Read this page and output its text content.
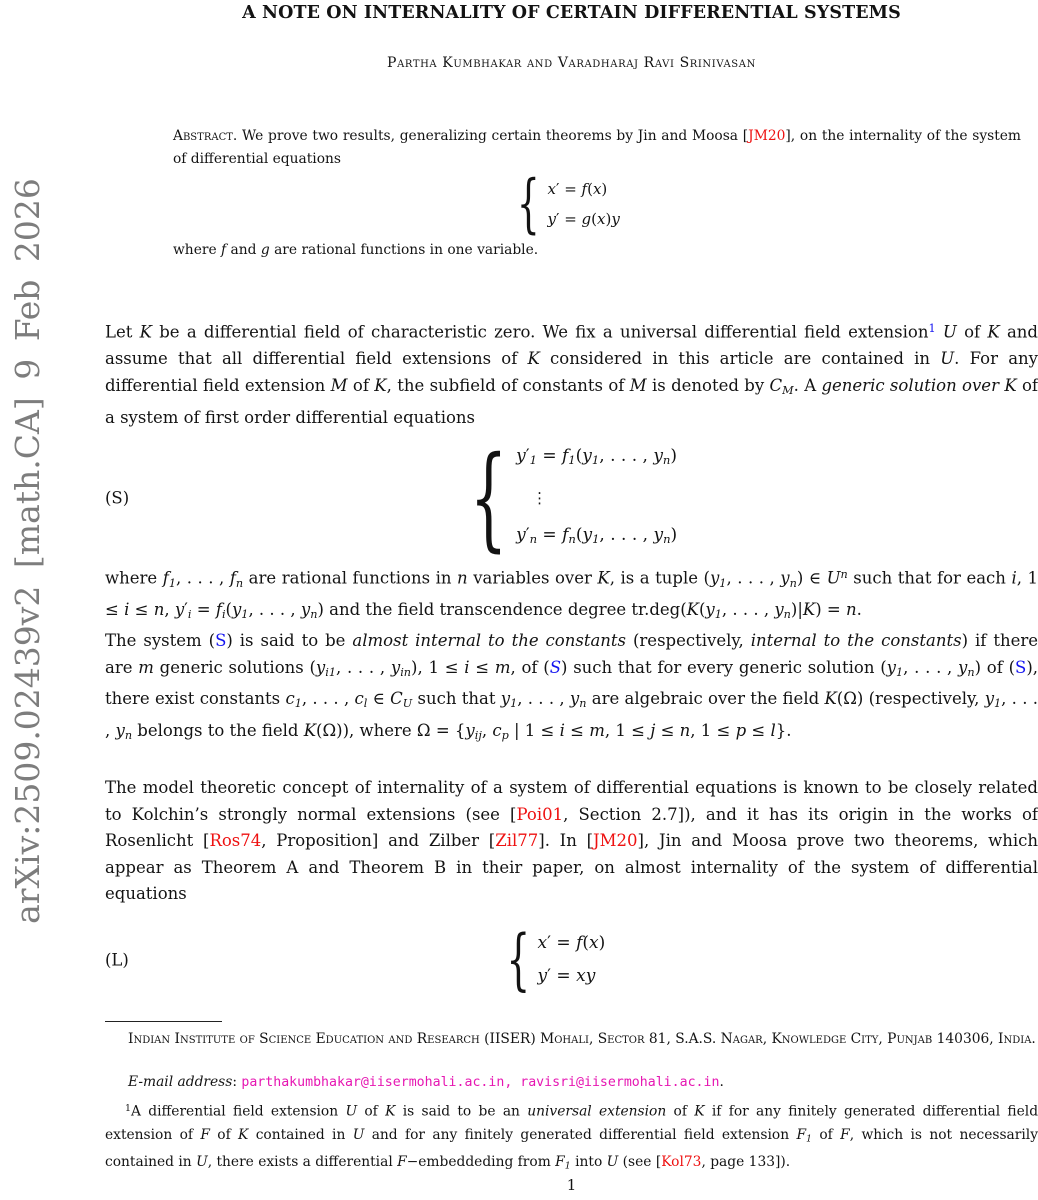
arXiv:2509.02439v2 [math.CA] 9 Feb 2026
A NOTE ON INTERNALITY OF CERTAIN DIFFERENTIAL SYSTEMS
Partha Kumbhakar and Varadharaj Ravi Srinivasan

Abstract. We prove two results, generalizing certain theorems by Jin and Moosa [JM20], on the internality of the system of differential equations

{ x′ = f(x)
y′ = g(x)y

where f and g are rational functions in one variable.

Let K be a differential field of characteristic zero. We fix a universal differential field extension$^1$ U of K and assume that all differential field extensions of K considered in this article are contained in U. For any differential field extension M of K, the subfield of constants of M is denoted by $C_M$. A generic solution over K of a system of first order differential equations

(S)	{ $y'_1 = f_1(y_1$, . . . , $y_n$)
⋮
$y'_n = f_n(y_1$, . . . , $y_n$)

where $f_1$, . . . , $f_n$ are rational functions in n variables over K, is a tuple ($y_1$, . . . , $y_n$) ∈ $U^n$ such that for each i, 1 ≤ i ≤ n, $y'_i = f_i(y_1$, . . . , $y_n$) and the field transcendence degree $tr.deg(K(y_1$, . . . , $y_n)|K) = n$.

The system (S) is said to be almost internal to the constants (respectively, internal to the constants) if there are m generic solutions ($y_{i1}$, . . . , $y_{in}$), 1 ≤ i ≤ m, of (S) such that for every generic solution ($y_1$, . . . , $y_n$) of (S), there exist constants $c_1$, . . . , $c_l$ ∈ $C_U$ such that $y_1$, . . . , $y_n$ are algebraic over the field K(Ω) (respectively, $y_1$, . . . , $y_n$ belongs to the field K(Ω)), where $\Omega = \{y_{ij}$, $c_p$ | 1 ≤ i ≤ m, 1 ≤ j ≤ n, 1 ≤ p ≤ l}.

The model theoretic concept of internality of a system of differential equations is known to be closely related to Kolchin’s strongly normal extensions (see [Poi01, Section 2.7]), and it has its origin in the works of Rosenlicht [Ros74, Proposition] and Zilber [Zil77]. In [JM20], Jin and Moosa prove two theorems, which appear as Theorem A and Theorem B in their paper, on almost internality of the system of differential equations

(L)	{ x′ = f(x)
y′ = xy

Indian Institute of Science Education and Research (IISER) Mohali, Sector 81, S.A.S. Nagar, Knowledge City, Punjab 140306, India.

E-mail address: parthakumbhakar@iisermohali.ac.in, ravisri@iisermohali.ac.in.

$^1$A differential field extension U of K is said to be an universal extension of K if for any finitely generated differential field extension of F of K contained in U and for any finitely generated differential field extension $F_1$ of F, which is not necessarily contained in U, there exists a differential F−embeddeding from $F_1$ into U (see [Kol73, page 133]).

1
